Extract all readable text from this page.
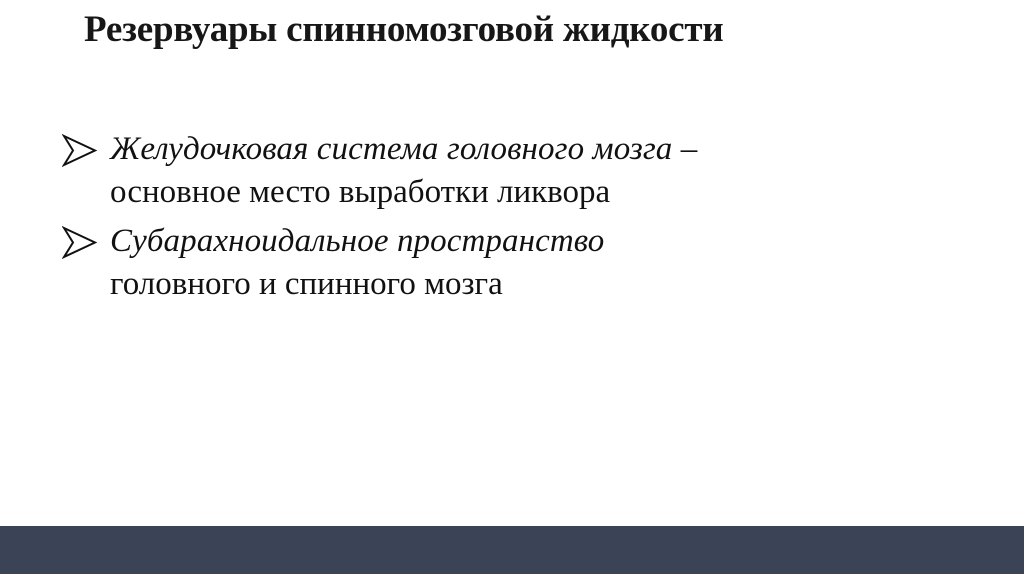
Резервуары спинномозговой жидкости
Желудочковая система головного мозга –
основное место выработки ликвора
Субарахноидальное пространство
головного и спинного мозга
